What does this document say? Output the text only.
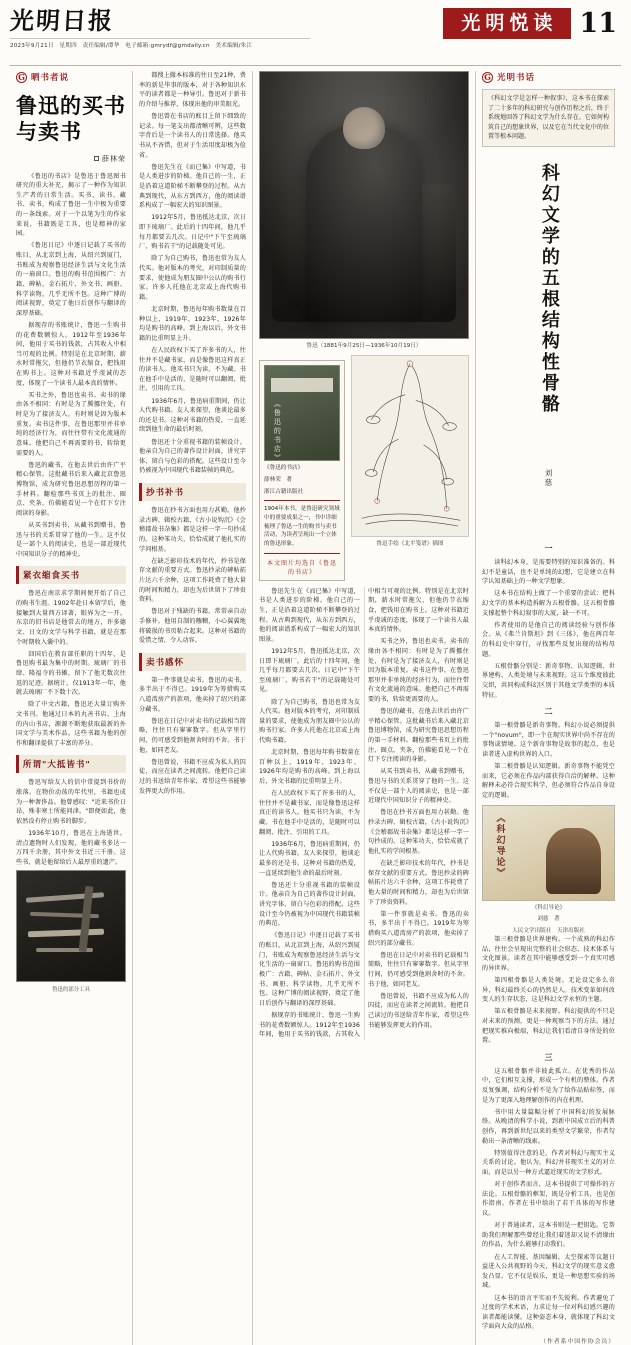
光明日报
2023年9月21日　星期四　责任编辑/谭华　电子邮箱:gmrydf@gmdaily.cn　美术编辑/朱江
光明悦读 11
G 晒书者说
鲁迅的买书与卖书
薛林荣

《鲁迅的书店》是鲁迅于鲁迅图书研究的重大补充，揭示了一种作为知识生产者的日常生活。买书、读书、藏书、卖书，构成了鲁迅一生中极为重要的一条线索。对于一个以笔为生的作家来说，书籍既是工具，也是精神的家园。

《鲁迅日记》中逐日记载了买书的账目，从北京到上海，从绍兴到厦门，书账成为观察鲁迅经济生活与文化生活的一扇窗口。鲁迅的购书范围极广：古籍、碑帖、金石拓片、外文书、画册、科学读物，几乎无所不包。这种广博的阅读视野，奠定了他日后创作与翻译的深厚基础。

据现存的书账统计，鲁迅一生购书的花费数额惊人。1912年至1936年间，他用于买书的钱款，占其收入中相当可观的比例。特别是在北京时期，薪水时常拖欠，但他仍节衣缩食，把钱用在购书上。这种对书籍近乎虔诚的态度，体现了一个读书人最本真的情怀。

买书之外，鲁迅也卖书。卖书的缘由各不相同：有时是为了腾挪住处，有时是为了接济友人，有时则是因为版本重复。卖书这件事，在鲁迅那里并非单纯的经济行为，而往往带有文化流通的意味。他把自己不再需要的书，转给更需要的人。

鲁迅的藏书，在他去世后由许广平精心保管。这批藏书后来入藏北京鲁迅博物馆，成为研究鲁迅思想历程的第一手材料。翻检那些书页上的批注、圈点、夹条，仿佛能看见一个在灯下专注阅读的身影。

从买书到卖书，从藏书到赠书，鲁迅与书的关系贯穿了他的一生。这不仅是一部个人的阅读史，也是一部近现代中国知识分子的精神史。

紧衣缩食买书

鲁迅在南京求学期间便开始了自己的购书生涯。1902年赴日本留学后，他接触到大量西方译著，眼界为之一开。东京的旧书店是他常去的地方，许多德文、日文的文学与科学书籍，就是在那个时期收入囊中的。

回国后在教育部任职的十四年，是鲁迅购书最为集中的时期。琉璃厂的书肆、隆福寺的书摊，留下了他无数次往返的足迹。据统计，仅1913年一年，他就去琉璃厂不下数十次。

除了中文古籍，鲁迅还大量订购外文书刊。他通过日本的丸善书店、上海的内山书店，源源不断地获取最新的外国文学与美术作品。这些书籍为他的创作和翻译提供了丰富的养分。

所谓"大抵皆书"

鲁迅写给友人的信中常提到书价的涨落。在物价动荡的年代里，书籍也成为一种奢侈品。他曾感叹："近来书价日昂，殊非寒士所能问津。"即便如此，他依然没有停止购书的脚步。

1936年10月，鲁迅在上海逝世。清点遗物时人们发现，他的藏书多达一万四千余册，其中外文书近三千册。这些书，就是他留给后人最厚重的遗产。

鲁迅的部分工具

都搜上撤本标准的往日至21种，费率的新是毕事的版本，对于各种知识水平的读者都是一种导引。鲁迅对于新书的介绍与推荐，体现出他的审美眼光。

鲁迅曾在书店的账目上留下细致的记录。每一笔支出都清晰可辨，这些数字背后是一个读书人的日常选择。他买书从不吝惜，但对于生活用度却极为俭省。

鲁迅先生在《而已集》中写道，书是人类进步的阶梯。他自己的一生，正是沿着这道阶梯不断攀登的过程。从古典到现代，从东方到西方，他的阅读谱系构成了一幅宏大的知识图景。

1912年5月，鲁迅抵达北京，次日即下琉璃厂。此后的十四年间，他几乎每月都要去几次。日记中"下午至琉璃厂，购书若干"的记载随处可见。

除了为自己购书，鲁迅也常为友人代买。他对版本的考究，对印制质量的要求，使他成为朋友圈中公认的购书行家。许多人托他在北京或上海代购书籍。

北京时期，鲁迅每年购书数量在百种以上，1919年、1923年、1926年均是购书的高峰。到上海以后，外文书籍的比重明显上升。

在人民政权下买了许多书的人，往往并不是藏书家，而是像鲁迅这样真正的读书人。他买书只为读，不为藏。书在他手中是活的，是随时可以翻阅、批注、引用的工具。

1936年6月，鲁迅病重期间，仍让人代购书籍。友人来探望，他谈论最多的还是书。这种对书籍的热爱，一直延续到他生命的最后时刻。

鲁迅还十分重视书籍的装帧设计。他亲自为自己的著作设计封面，讲究字体、留白与色彩的搭配。这些设计至今仍被视为中国现代书籍装帧的典范。

抄书补书

鲁迅在抄书方面也用力甚勤。他抄录古碑、辑校古籍，《古小说钩沉》《会稽郡故书杂集》都是这样一字一句抄成的。这种笨功夫，恰恰成就了他扎实的学问根基。

在缺乏影印技术的年代，抄书是保存文献的重要方式。鲁迅抄录的碑帖拓片达六千余种，这项工作耗费了他大量的时间和精力，却也为后世留下了珍贵资料。

鲁迅对于残缺的书籍，常常亲自动手修补。他用自制的糨糊，小心翼翼地将破损的书页粘合起来。这种对书籍的爱惜之情，令人动容。

卖书感怀

第一件事就是卖书。鲁迅的卖书，多半出于不得已。1919年为筹措购买八道湾房产的款项，他卖掉了绍兴的部分藏书。

鲁迅在日记中对卖书的记载相当简略，往往只有寥寥数字。但从字里行间，仍可感受到他割舍时的不舍。书于他，如同老友。

鲁迅曾说，书籍不应成为私人的囚徒，而应在读者之间流转。他把自己读过的书送给青年作家，希望这些书能够发挥更大的作用。

鲁迅（1881年9月25日—1936年10月19日）
《鲁迅的书店》
《鲁迅的书店》
薛林荣　著
浙江古籍出版社
1904年本书，是鲁迅研究领域中的重要成果之一，书中详细梳理了鲁迅一生的购书与卖书活动，为读者呈现出一个立体的鲁迅形象。
本文图片均选自《鲁迅的书店》
鲁迅手绘《北平笺谱》插图

鲁迅先生在《而已集》中写道，书是人类进步的阶梯。他自己的一生，正是沿着这道阶梯不断攀登的过程。从古典到现代，从东方到西方，他的阅读谱系构成了一幅宏大的知识图景。

1912年5月，鲁迅抵达北京，次日即下琉璃厂。此后的十四年间，他几乎每月都要去几次。日记中"下午至琉璃厂，购书若干"的记载随处可见。

除了为自己购书，鲁迅也常为友人代买。他对版本的考究，对印制质量的要求，使他成为朋友圈中公认的购书行家。许多人托他在北京或上海代购书籍。

北京时期，鲁迅每年购书数量在百种以上，1919年、1923年、1926年均是购书的高峰。到上海以后，外文书籍的比重明显上升。

在人民政权下买了许多书的人，往往并不是藏书家，而是像鲁迅这样真正的读书人。他买书只为读，不为藏。书在他手中是活的，是随时可以翻阅、批注、引用的工具。

1936年6月，鲁迅病重期间，仍让人代购书籍。友人来探望，他谈论最多的还是书。这种对书籍的热爱，一直延续到他生命的最后时刻。

鲁迅还十分重视书籍的装帧设计。他亲自为自己的著作设计封面，讲究字体、留白与色彩的搭配。这些设计至今仍被视为中国现代书籍装帧的典范。

《鲁迅日记》中逐日记载了买书的账目，从北京到上海，从绍兴到厦门，书账成为观察鲁迅经济生活与文化生活的一扇窗口。鲁迅的购书范围极广：古籍、碑帖、金石拓片、外文书、画册、科学读物，几乎无所不包。这种广博的阅读视野，奠定了他日后创作与翻译的深厚基础。

据现存的书账统计，鲁迅一生购书的花费数额惊人。1912年至1936年间，他用于买书的钱款，占其收入中相当可观的比例。特别是在北京时期，薪水时常拖欠，但他仍节衣缩食，把钱用在购书上。这种对书籍近乎虔诚的态度，体现了一个读书人最本真的情怀。

买书之外，鲁迅也卖书。卖书的缘由各不相同：有时是为了腾挪住处，有时是为了接济友人，有时则是因为版本重复。卖书这件事，在鲁迅那里并非单纯的经济行为，而往往带有文化流通的意味。他把自己不再需要的书，转给更需要的人。

鲁迅的藏书，在他去世后由许广平精心保管。这批藏书后来入藏北京鲁迅博物馆，成为研究鲁迅思想历程的第一手材料。翻检那些书页上的批注、圈点、夹条，仿佛能看见一个在灯下专注阅读的身影。

从买书到卖书，从藏书到赠书，鲁迅与书的关系贯穿了他的一生。这不仅是一部个人的阅读史，也是一部近现代中国知识分子的精神史。

鲁迅在抄书方面也用力甚勤。他抄录古碑、辑校古籍，《古小说钩沉》《会稽郡故书杂集》都是这样一字一句抄成的。这种笨功夫，恰恰成就了他扎实的学问根基。

在缺乏影印技术的年代，抄书是保存文献的重要方式。鲁迅抄录的碑帖拓片达六千余种，这项工作耗费了他大量的时间和精力，却也为后世留下了珍贵资料。

第一件事就是卖书。鲁迅的卖书，多半出于不得已。1919年为筹措购买八道湾房产的款项，他卖掉了绍兴的部分藏书。

鲁迅在日记中对卖书的记载相当简略，往往只有寥寥数字。但从字里行间，仍可感受到他割舍时的不舍。书于他，如同老友。

鲁迅曾说，书籍不应成为私人的囚徒，而应在读者之间流转。他把自己读过的书送给青年作家，希望这些书能够发挥更大的作用。

G 光明书话
《科幻文学是怎样一种叙事》，这本书在探索了二十多年的科幻研究与创作历程之后，终于系统地回答了科幻文学为什么存在、它如何构筑自己的想象世界，以及它在当代文化中的位置等根本问题。
科幻文学的五根结构性骨骼
刘慈
一

读科幻本身，是需要特别的知识准备的。科幻不是童话，也不是单纯的幻想，它是建立在科学认知基础上的一种文学想象。

这本书在结构上做了一个重要的尝试：把科幻文学的基本构造拆解为五根骨骼。这五根骨骼支撑起整个科幻叙事的大厦，缺一不可。

作者使用的是他自己的阅读经验与创作体会。从《弗兰肯斯坦》到《三体》，他在两百年的科幻史中穿行，寻找那些反复出现的结构母题。

五根骨骼分别是：新奇事物、认知逻辑、世界建构、人类处境与未来视野。这五个维度彼此交织，共同构成科幻区别于其他文学类型的本质特征。

二

第一根骨骼是新奇事物。科幻小说必须提供一个"novum"，即一个在现实世界中尚不存在的事物或情境。这个新奇事物是故事的起点，也是读者进入虚构世界的入口。

第二根骨骼是认知逻辑。新奇事物不能凭空而来，它必须在作品内部获得自洽的解释。这种解释未必符合现实科学，但必须符合作品自身设定的逻辑。

《科幻导论》
《科幻导论》
刘慈　著
人民文学出版社　天津出版社

第三根骨骼是世界建构。一个成熟的科幻作品，往往会呈现出完整的社会形态、技术体系与文化图景。读者在其中能够感受到一个真实可感的异世界。

第四根骨骼是人类处境。无论设定多么奇异，科幻最终关心的仍然是人。技术变革如何改变人的生存状态，这是科幻文学永恒的主题。

第五根骨骼是未来视野。科幻提供的不只是对未来的预测，更是一种观察当下的方法。通过把现实推向极端，科幻让我们看清自身所处的位置。

三

这五根骨骼并非彼此孤立。在优秀的作品中，它们相互支撑，形成一个有机的整体。作者反复强调，结构分析不是为了给作品贴标签，而是为了更深入地理解创作的内在机理。

书中用大量篇幅分析了中国科幻的发展脉络。从晚清的科学小说，到新中国成立后的科普创作，再到新世纪以来的类型文学繁荣，作者勾勒出一条清晰的线索。

特别值得注意的是，作者对科幻与现实主义关系的讨论。他认为，科幻并非现实主义的对立面，而是以另一种方式逼近现实的文学形式。

对于创作者而言，这本书提供了可操作的方法论。五根骨骼的框架，既是分析工具，也是创作指南。作者在书中给出了若干具体的写作建议。

对于普通读者，这本书则是一把钥匙。它帮助我们理解那些曾经让我们着迷却又说不清缘由的作品，为什么能够打动我们。

在人工智能、基因编辑、太空探索等议题日益进入公共视野的今天，科幻文学的现实意义愈发凸显。它不仅是娱乐，更是一种思想实验的场域。

这本书的语言平实而不失锐利。作者避免了过度的学术术语，力求让每一位对科幻感兴趣的读者都能读懂。这种姿态本身，就体现了科幻文学面向大众的品格。

（作者系中国作协会员）
